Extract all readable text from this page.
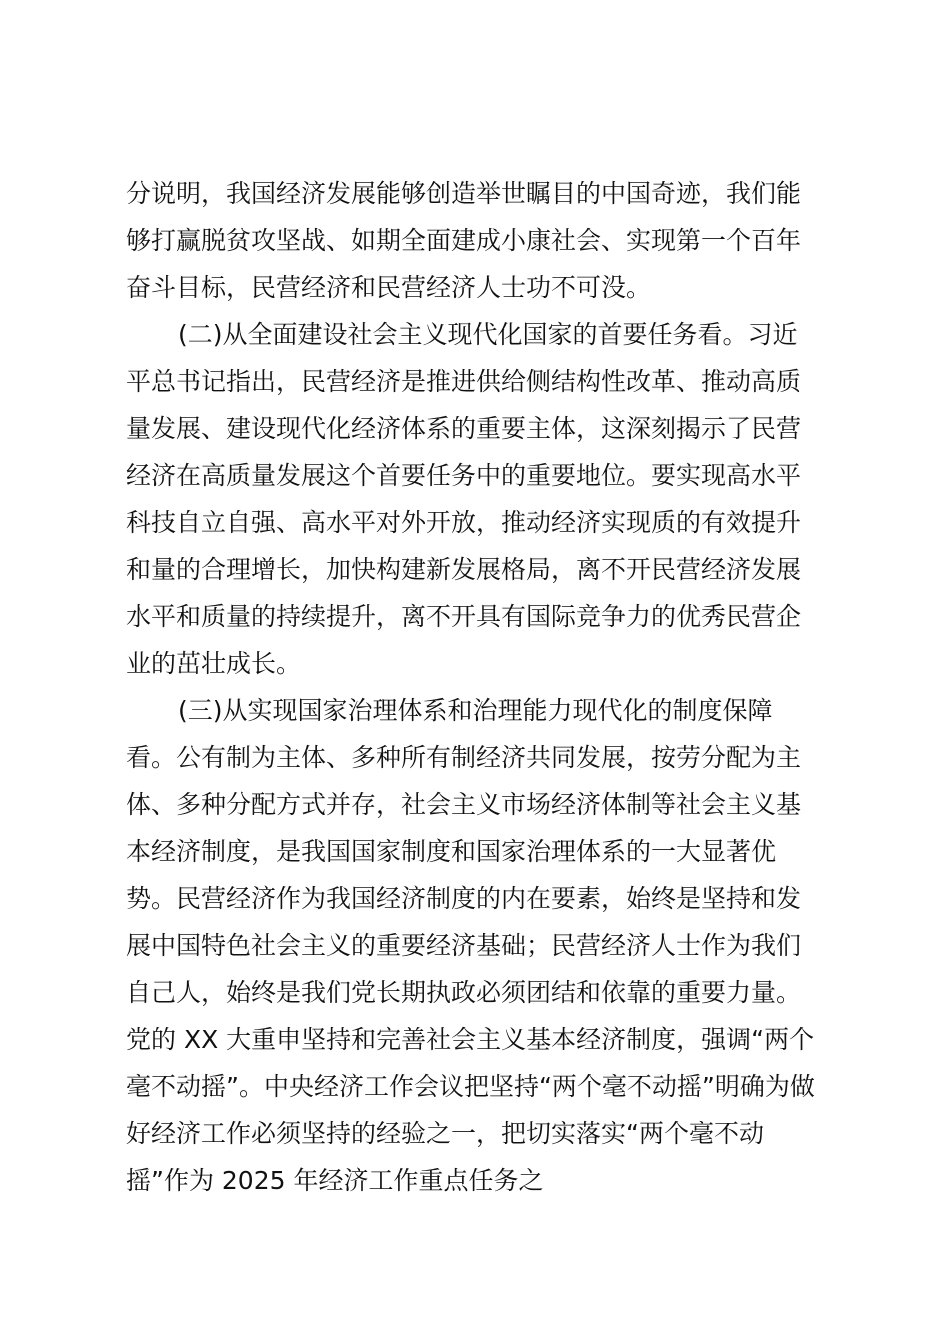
分说明，我国经济发展能够创造举世瞩目的中国奇迹，我们能
够打赢脱贫攻坚战、如期全面建成小康社会、实现第一个百年
奋斗目标，民营经济和民营经济人士功不可没。
(二)从全面建设社会主义现代化国家的首要任务看。习近
平总书记指出，民营经济是推进供给侧结构性改革、推动高质
量发展、建设现代化经济体系的重要主体，这深刻揭示了民营
经济在高质量发展这个首要任务中的重要地位。要实现高水平
科技自立自强、高水平对外开放，推动经济实现质的有效提升
和量的合理增长，加快构建新发展格局，离不开民营经济发展
水平和质量的持续提升，离不开具有国际竞争力的优秀民营企
业的茁壮成长。
(三)从实现国家治理体系和治理能力现代化的制度保障
看。公有制为主体、多种所有制经济共同发展，按劳分配为主
体、多种分配方式并存，社会主义市场经济体制等社会主义基
本经济制度，是我国国家制度和国家治理体系的一大显著优
势。民营经济作为我国经济制度的内在要素，始终是坚持和发
展中国特色社会主义的重要经济基础；民营经济人士作为我们
自己人，始终是我们党长期执政必须团结和依靠的重要力量。
党的 XX 大重申坚持和完善社会主义基本经济制度，强调“两个
毫不动摇”。中央经济工作会议把坚持“两个毫不动摇”明确为做
好经济工作必须坚持的经验之一，把切实落实“两个毫不动
摇”作为 2025 年经济工作重点任务之
